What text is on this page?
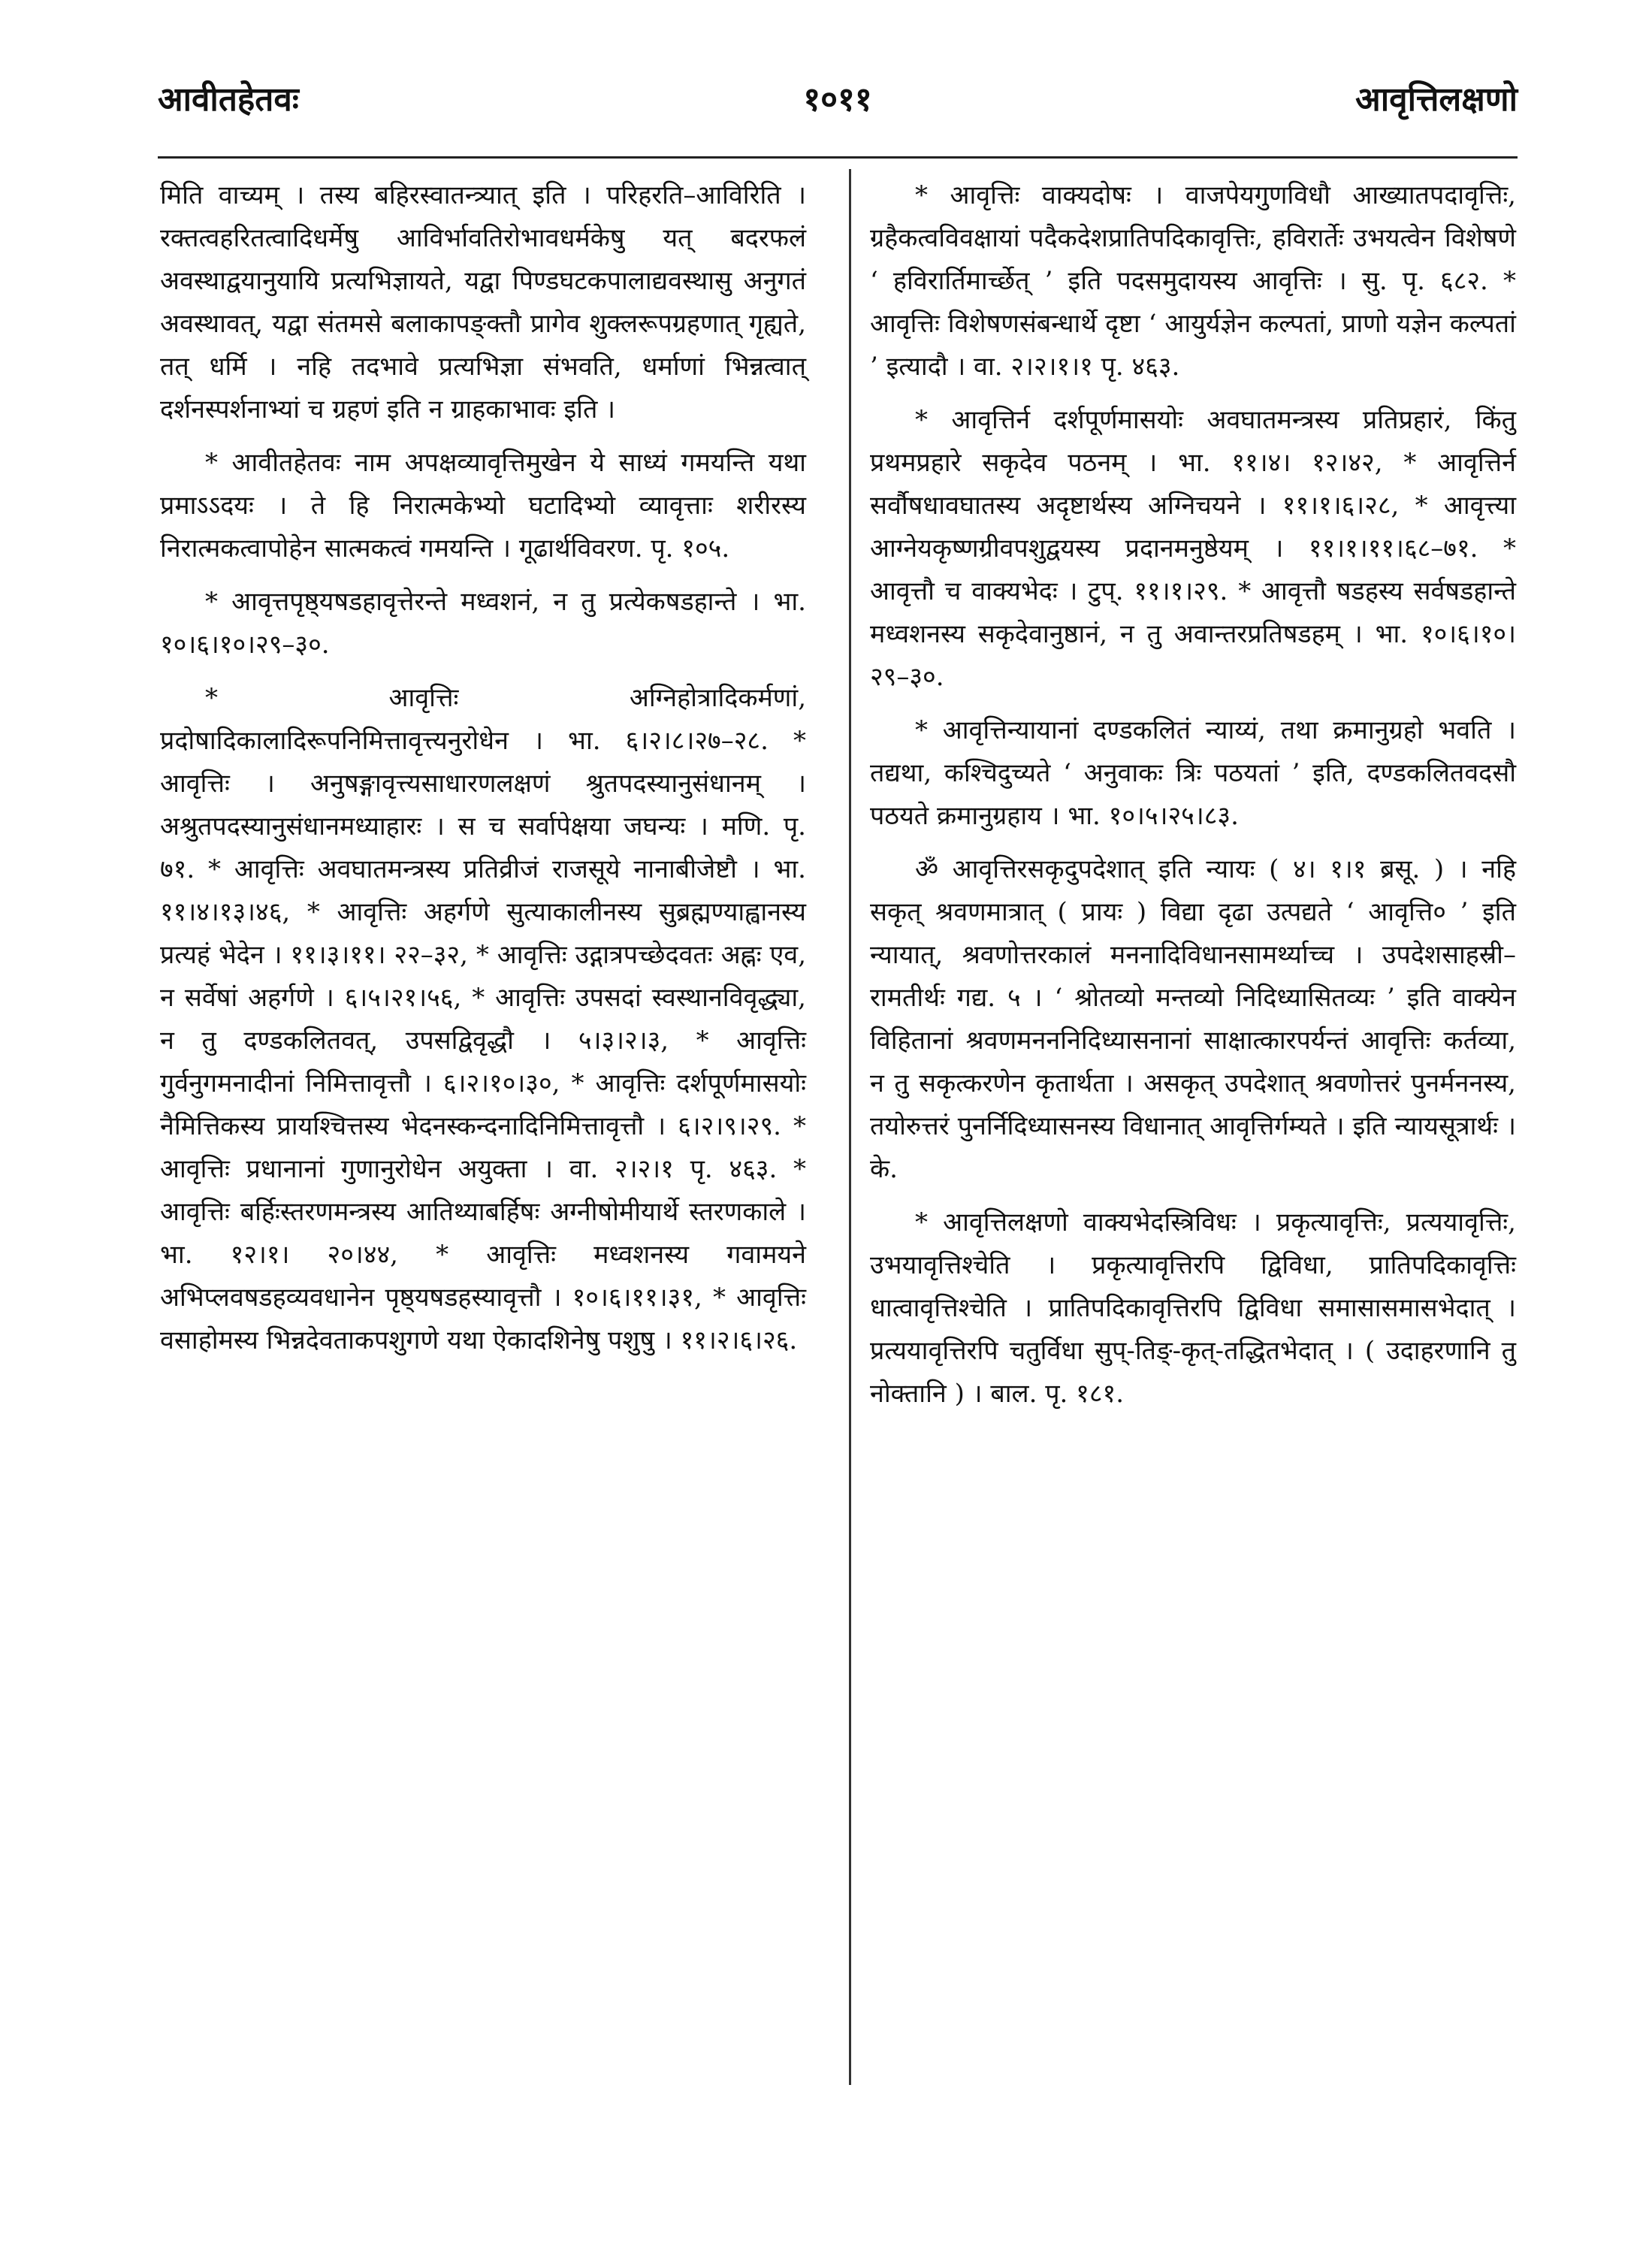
आवीतहेतवः	१०११	आवृत्तिलक्षणो

मिति वाच्यम् । तस्य बहिरस्वातन्त्र्यात् इति । परिहरति–आविरिति । रक्तत्वहरितत्वादिधर्मेषु आविर्भावतिरोभावधर्मकेषु यत् बदरफलं अवस्थाद्वयानुयायि प्रत्यभिज्ञायते, यद्वा पिण्डघटकपालाद्यवस्थासु अनुगतं अवस्थावत्, यद्वा संतमसे बलाकापङ्क्तौ प्रागेव शुक्लरूपग्रहणात् गृह्यते, तत् धर्मि । नहि तदभावे प्रत्यभिज्ञा संभवति, धर्माणां भिन्नत्वात् दर्शनस्पर्शनाभ्यां च ग्रहणं इति न ग्राहकाभावः इति ।

* आवीतहेतवः नाम अपक्षव्यावृत्तिमुखेन ये साध्यं गमयन्ति यथा प्रमाऽऽदयः । ते हि निरात्मकेभ्यो घटादिभ्यो व्यावृत्ताः शरीरस्य निरात्मकत्वापोहेन सात्मकत्वं गमयन्ति । गूढार्थविवरण. पृ. १०५.

* आवृत्तपृष्ठ्यषडहावृत्तेरन्ते मध्वशनं, न तु प्रत्येकषडहान्ते । भा. १०।६।१०।२९–३०.

* आवृत्तिः अग्निहोत्रादिकर्मणां, प्रदोषादिकालादिरूपनिमित्तावृत्त्यनुरोधेन । भा. ६।२।८।२७–२८. * आवृत्तिः । अनुषङ्गावृत्त्यसाधारणलक्षणं श्रुतपदस्यानुसंधानम् । अश्रुतपदस्यानुसंधानमध्याहारः । स च सर्वापेक्षया जघन्यः । मणि. पृ. ७१. * आवृत्तिः अवघातमन्त्रस्य प्रतिव्रीजं राजसूये नानाबीजेष्टौ । भा. ११।४।१३।४६, * आवृत्तिः अहर्गणे सुत्याकालीनस्य सुब्रह्मण्याह्वानस्य प्रत्यहं भेदेन । ११।३।११। २२–३२, * आवृत्तिः उद्गात्रपच्छेदवतः अह्नः एव, न सर्वेषां अहर्गणे । ६।५।२१।५६, * आवृत्तिः उपसदां स्वस्थानविवृद्ध्या, न तु दण्डकलितवत्, उपसद्विवृद्धौ । ५।३।२।३, * आवृत्तिः गुर्वनुगमनादीनां निमित्तावृत्तौ । ६।२।१०।३०, * आवृत्तिः दर्शपूर्णमासयोः नैमित्तिकस्य प्रायश्चित्तस्य भेदनस्कन्दनादिनिमित्तावृत्तौ । ६।२।९।२९. * आवृत्तिः प्रधानानां गुणानुरोधेन अयुक्ता । वा. २।२।१ पृ. ४६३. * आवृत्तिः बर्हिःस्तरणमन्त्रस्य आतिथ्याबर्हिषः अग्नीषोमीयार्थे स्तरणकाले । भा. १२।१। २०।४४, * आवृत्तिः मध्वशनस्य गवामयने अभिप्लवषडहव्यवधानेन पृष्ठ्यषडहस्यावृत्तौ । १०।६।११।३१, * आवृत्तिः वसाहोमस्य भिन्नदेवताकपशुगणे यथा ऐकादशिनेषु पशुषु । ११।२।६।२६.

* आवृत्तिः वाक्यदोषः । वाजपेयगुणविधौ आख्यातपदावृत्तिः, ग्रहैकत्वविवक्षायां पदैकदेशप्रातिपदिकावृत्तिः, हविरार्तेः उभयत्वेन विशेषणे ‘ हविरार्तिमार्च्छेत् ’ इति पदसमुदायस्य आवृत्तिः । सु. पृ. ६८२. * आवृत्तिः विशेषणसंबन्धार्थे दृष्टा ‘ आयुर्यज्ञेन कल्पतां, प्राणो यज्ञेन कल्पतां ’ इत्यादौ । वा. २।२।१।१ पृ. ४६३.

* आवृत्तिर्न दर्शपूर्णमासयोः अवघातमन्त्रस्य प्रतिप्रहारं, किंतु प्रथमप्रहारे सकृदेव पठनम् । भा. ११।४। १२।४२, * आवृत्तिर्न सर्वौषधावघातस्य अदृष्टार्थस्य अग्निचयने । ११।१।६।२८, * आवृत्त्या आग्नेयकृष्णग्रीवपशुद्वयस्य प्रदानमनुष्ठेयम् । ११।१।११।६८–७१. * आवृत्तौ च वाक्यभेदः । टुप्. ११।१।२९. * आवृत्तौ षडहस्य सर्वषडहान्ते मध्वशनस्य सकृदेवानुष्ठानं, न तु अवान्तरप्रतिषडहम् । भा. १०।६।१०। २९–३०.

* आवृत्तिन्यायानां दण्डकलितं न्याय्यं, तथा क्रमानुग्रहो भवति । तद्यथा, कश्चिदुच्यते ‘ अनुवाकः त्रिः पठयतां ’ इति, दण्डकलितवदसौ पठयते क्रमानुग्रहाय । भा. १०।५।२५।८३.

ॐ आवृत्तिरसकृदुपदेशात् इति न्यायः ( ४। १।१ ब्रसू. ) । नहि सकृत् श्रवणमात्रात् ( प्रायः ) विद्या दृढा उत्पद्यते ‘ आवृत्ति० ’ इति न्यायात्, श्रवणोत्तरकालं मननादिविधानसामर्थ्याच्च । उपदेशसाहस्री– रामतीर्थः गद्य. ५ । ‘ श्रोतव्यो मन्तव्यो निदिध्यासितव्यः ’ इति वाक्येन विहितानां श्रवणमनननिदिध्यासनानां साक्षात्कारपर्यन्तं आवृत्तिः कर्तव्या, न तु सकृत्करणेन कृतार्थता । असकृत् उपदेशात् श्रवणोत्तरं पुनर्मननस्य, तयोरुत्तरं पुनर्निदिध्यासनस्य विधानात् आवृत्तिर्गम्यते । इति न्यायसूत्रार्थः । के.

* आवृत्तिलक्षणो वाक्यभेदस्त्रिविधः । प्रकृत्यावृत्तिः, प्रत्ययावृत्तिः, उभयावृत्तिश्चेति । प्रकृत्यावृत्तिरपि द्विविधा, प्रातिपदिकावृत्तिः धात्वावृत्तिश्चेति । प्रातिपदिकावृत्तिरपि द्विविधा समासासमासभेदात् । प्रत्ययावृत्तिरपि चतुर्विधा सुप्-तिङ्-कृत्-तद्धितभेदात् । ( उदाहरणानि तु नोक्तानि ) । बाल. पृ. १८१.
